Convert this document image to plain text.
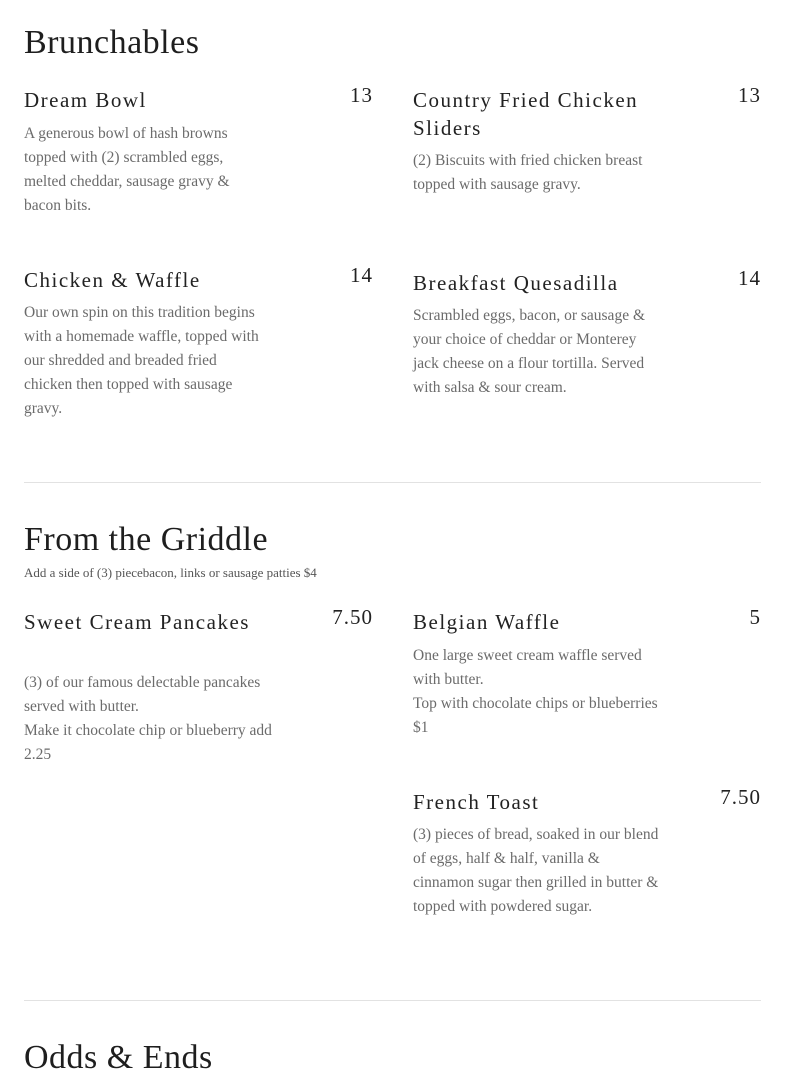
Brunchables
Dream Bowl	13
A generous bowl of hash browns topped with (2) scrambled eggs, melted cheddar, sausage gravy & bacon bits.
Country Fried Chicken Sliders
13
(2) Biscuits with fried chicken breast topped with sausage gravy.
Chicken & Waffle	14
Our own spin on this tradition begins with a homemade waffle, topped with our shredded and breaded fried chicken then topped with sausage gravy.
Breakfast Quesadilla	14
Scrambled eggs, bacon, or sausage & your choice of cheddar or Monterey jack cheese on a flour tortilla. Served with salsa & sour cream.
From the Griddle
Add a side of (3) piecebacon, links or sausage patties $4
Sweet Cream Pancakes	7.50
(3) of our famous delectable pancakes served with butter.
Make it chocolate chip or blueberry add 2.25
Belgian Waffle	5
One large sweet cream waffle served with butter.
Top with chocolate chips or blueberries $1
French Toast	7.50
(3) pieces of bread, soaked in our blend of eggs, half & half, vanilla & cinnamon sugar then grilled in butter & topped with powdered sugar.
Odds & Ends
